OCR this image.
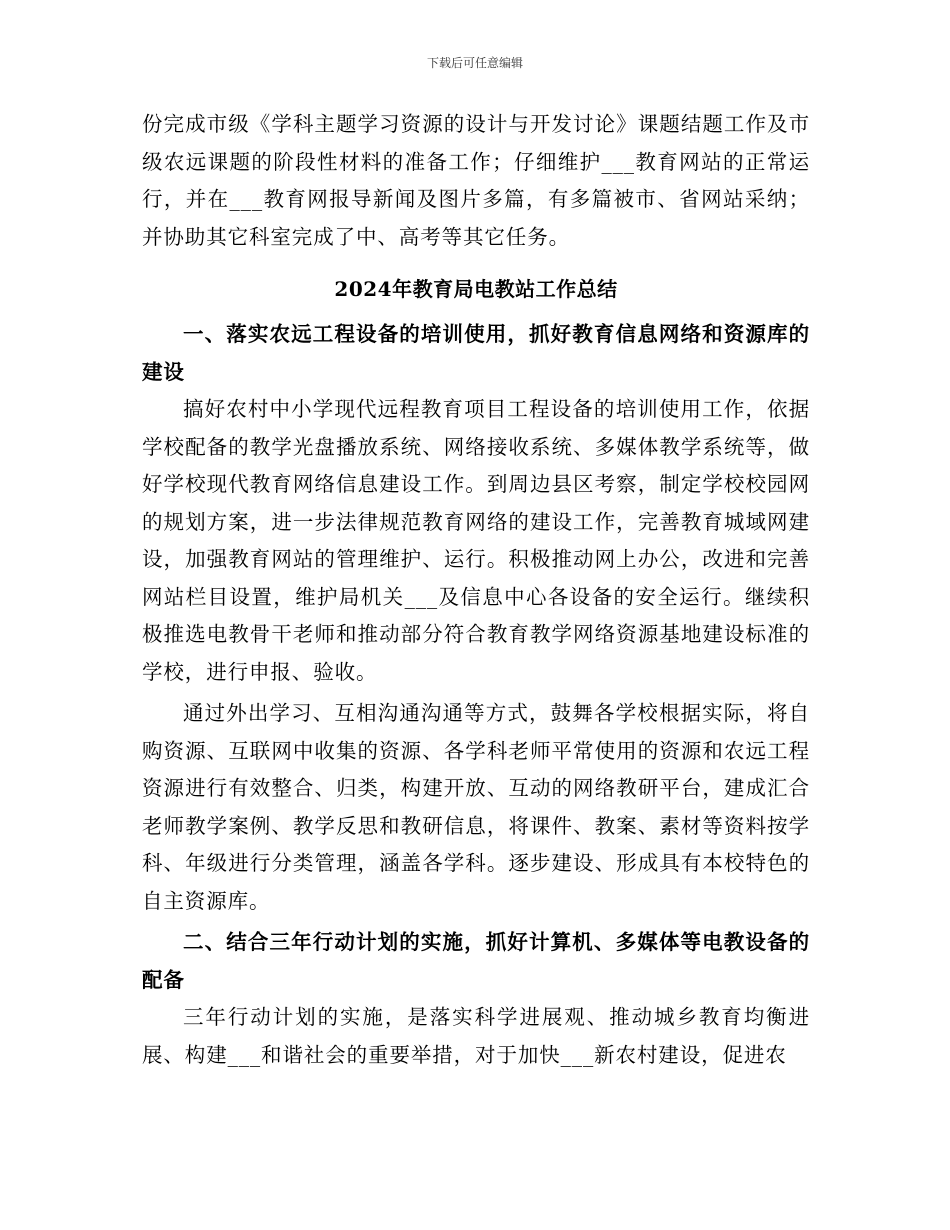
下载后可任意编辑

份完成市级《学科主题学习资源的设计与开发讨论》课题结题工作及市级农远课题的阶段性材料的准备工作；仔细维护___教育网站的正常运行，并在___教育网报导新闻及图片多篇，有多篇被市、省网站采纳；并协助其它科室完成了中、高考等其它任务。

2024年教育局电教站工作总结

一、落实农远工程设备的培训使用，抓好教育信息网络和资源库的建设

搞好农村中小学现代远程教育项目工程设备的培训使用工作，依据学校配备的教学光盘播放系统、网络接收系统、多媒体教学系统等，做好学校现代教育网络信息建设工作。到周边县区考察，制定学校校园网的规划方案，进一步法律规范教育网络的建设工作，完善教育城域网建设，加强教育网站的管理维护、运行。积极推动网上办公，改进和完善网站栏目设置，维护局机关___及信息中心各设备的安全运行。继续积极推选电教骨干老师和推动部分符合教育教学网络资源基地建设标准的学校，进行申报、验收。

通过外出学习、互相沟通沟通等方式，鼓舞各学校根据实际，将自购资源、互联网中收集的资源、各学科老师平常使用的资源和农远工程资源进行有效整合、归类，构建开放、互动的网络教研平台，建成汇合老师教学案例、教学反思和教研信息，将课件、教案、素材等资料按学科、年级进行分类管理，涵盖各学科。逐步建设、形成具有本校特色的自主资源库。

二、结合三年行动计划的实施，抓好计算机、多媒体等电教设备的配备

三年行动计划的实施，是落实科学进展观、推动城乡教育均衡进展、构建___和谐社会的重要举措，对于加快___新农村建设，促进农
